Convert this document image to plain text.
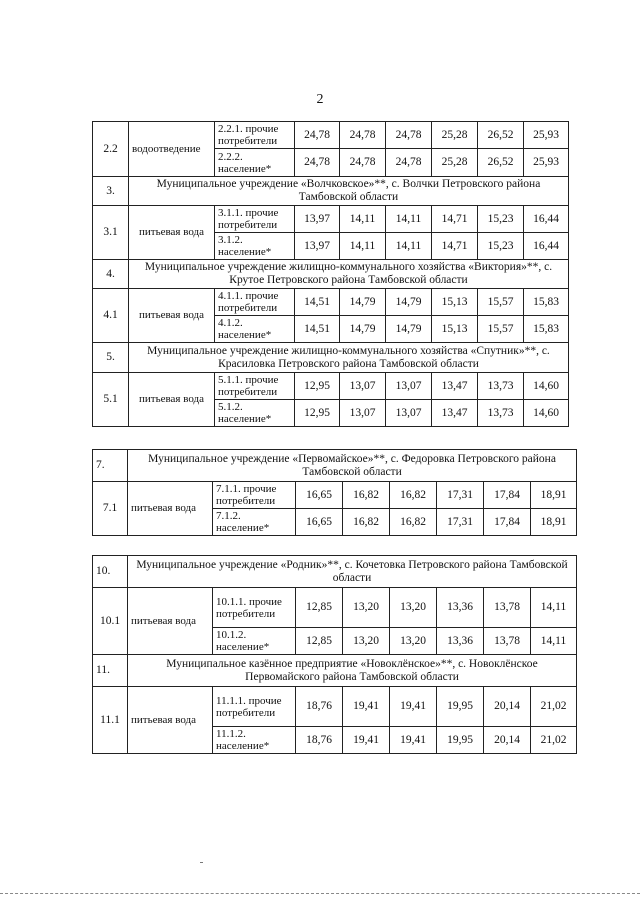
2
2.2	водоотведение	2.2.1. прочие потребители	24,78	24,78	24,78	25,28	26,52	25,93
		2.2.2. население*	24,78	24,78	24,78	25,28	26,52	25,93
3.	Муниципальное учреждение «Волчковское»**, с. Волчки Петровского района Тамбовской области							
3.1	питьевая вода	3.1.1. прочие потребители	13,97	14,11	14,11	14,71	15,23	16,44
		3.1.2. население*	13,97	14,11	14,11	14,71	15,23	16,44
4.	Муниципальное учреждение жилищно-коммунального хозяйства «Виктория»**, с. Крутое Петровского района Тамбовской области							
4.1	питьевая вода	4.1.1. прочие потребители	14,51	14,79	14,79	15,13	15,57	15,83
		4.1.2. население*	14,51	14,79	14,79	15,13	15,57	15,83
5.	Муниципальное учреждение жилищно-коммунального хозяйства «Спутник»**, с. Красиловка Петровского района Тамбовской области							
5.1	питьевая вода	5.1.1. прочие потребители	12,95	13,07	13,07	13,47	13,73	14,60
		5.1.2. население*	12,95	13,07	13,07	13,47	13,73	14,60
7.	Муниципальное учреждение «Первомайское»**, с. Федоровка Петровского района Тамбовской области							
7.1	питьевая вода	7.1.1. прочие потребители	16,65	16,82	16,82	17,31	17,84	18,91
		7.1.2. население*	16,65	16,82	16,82	17,31	17,84	18,91
10.	Муниципальное учреждение «Родник»**, с. Кочетовка Петровского района Тамбовской области							
10.1	питьевая вода	10.1.1. прочие потребители	12,85	13,20	13,20	13,36	13,78	14,11
		10.1.2. население*	12,85	13,20	13,20	13,36	13,78	14,11
11.	Муниципальное казённое предприятие «Новоклёнское»**, с. Новоклёнское Первомайского района Тамбовской области							
11.1	питьевая вода	11.1.1. прочие потребители	18,76	19,41	19,41	19,95	20,14	21,02
		11.1.2. население*	18,76	19,41	19,41	19,95	20,14	21,02
